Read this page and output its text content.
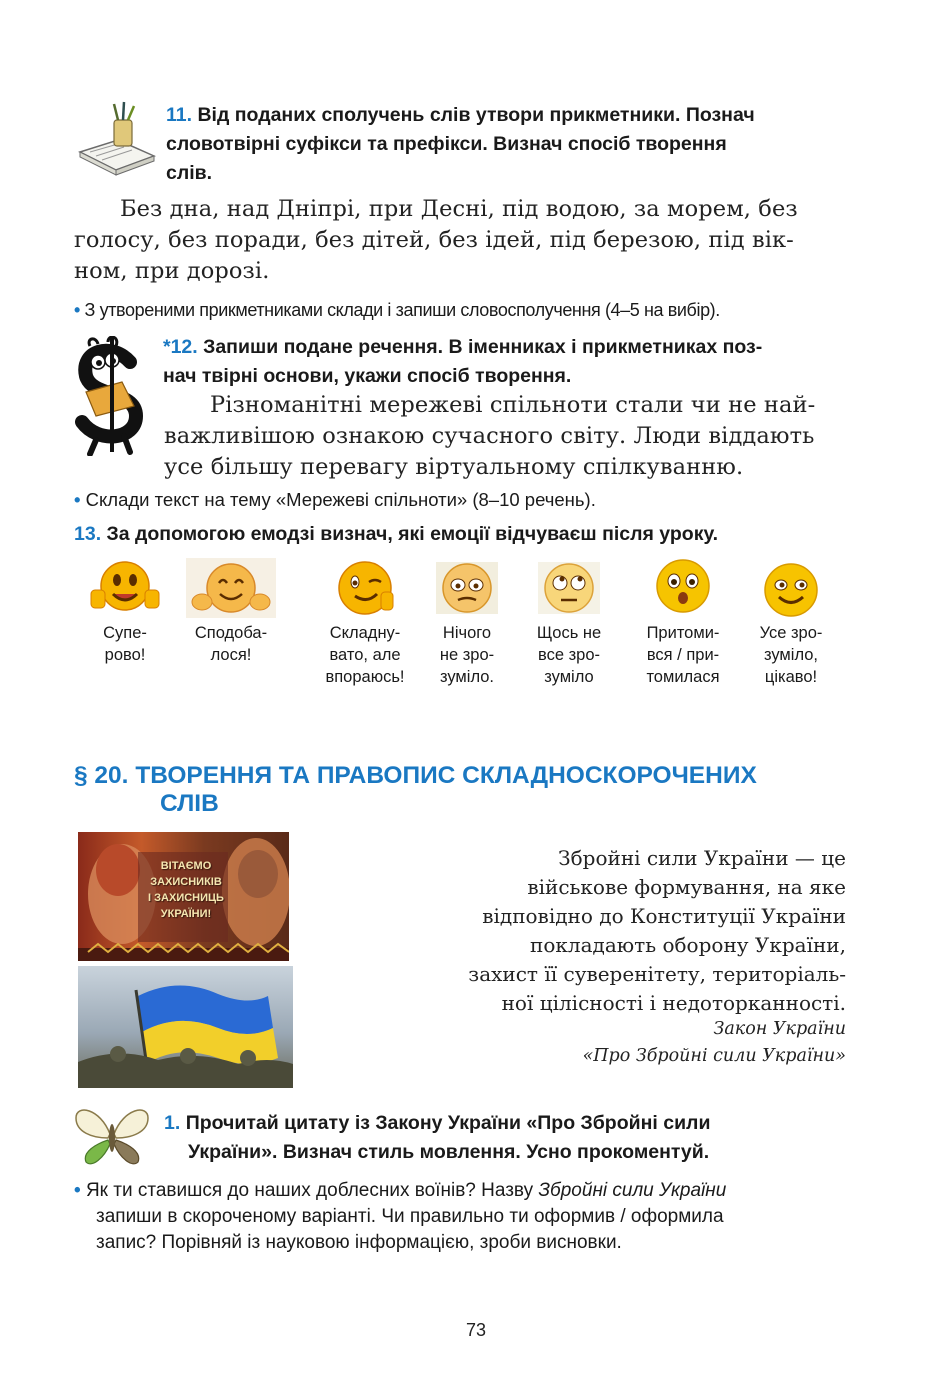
11. Від поданих сполучень слів утвори прикметники. Познач
словотвірні суфікси та префікси. Визнач спосіб творення
слів.
Без дна, над Дніпрі, при Десні, під водою, за морем, без
голосу, без поради, без дітей, без ідей, під березою, під вік-
ном, при дорозі.
• З утвореними прикметниками склади і запиши словосполучення (4–5 на вибір).
*12. Запиши подане речення. В іменниках і прикметниках поз-
нач твірні основи, укажи спосіб творення.
Різноманітні мережеві спільноти стали чи не най-
важливішою ознакою сучасного світу. Люди віддають
усе більшу перевагу віртуальному спілкуванню.
• Склади текст на тему «Мережеві спільноти» (8–10 речень).
13. За допомогою емодзі визнач, які емоції відчуваєш після уроку.
Супе-
рово!
Сподоба-
лося!
Складну-
вато, але
впораюсь!
Нічого
не зро-
зуміло.
Щось не
все зро-
зуміло
Притоми-
вся / при-
томилася
Усе зро-
зуміло,
цікаво!
§ 20. ТВОРЕННЯ ТА ПРАВОПИС СКЛАДНОСКОРОЧЕНИХ
СЛІВ
ВІТАЄМО
ЗАХИСНИКІВ
І ЗАХИСНИЦЬ
УКРАЇНИ!
Збройні сили України — це
військове формування, на яке
відповідно до Конституції України
покладають оборону України,
захист її суверенітету, територіаль-
ної цілісності і недоторканності.
Закон України
«Про Збройні сили України»
1. Прочитай цитату із Закону України «Про Збройні сили
України». Визнач стиль мовлення. Усно прокоментуй.
• Як ти ставишся до наших доблесних воїнів? Назву Збройні сили України
запиши в скороченому варіанті. Чи правильно ти оформив / оформила
запис? Порівняй із науковою інформацією, зроби висновки.
73
